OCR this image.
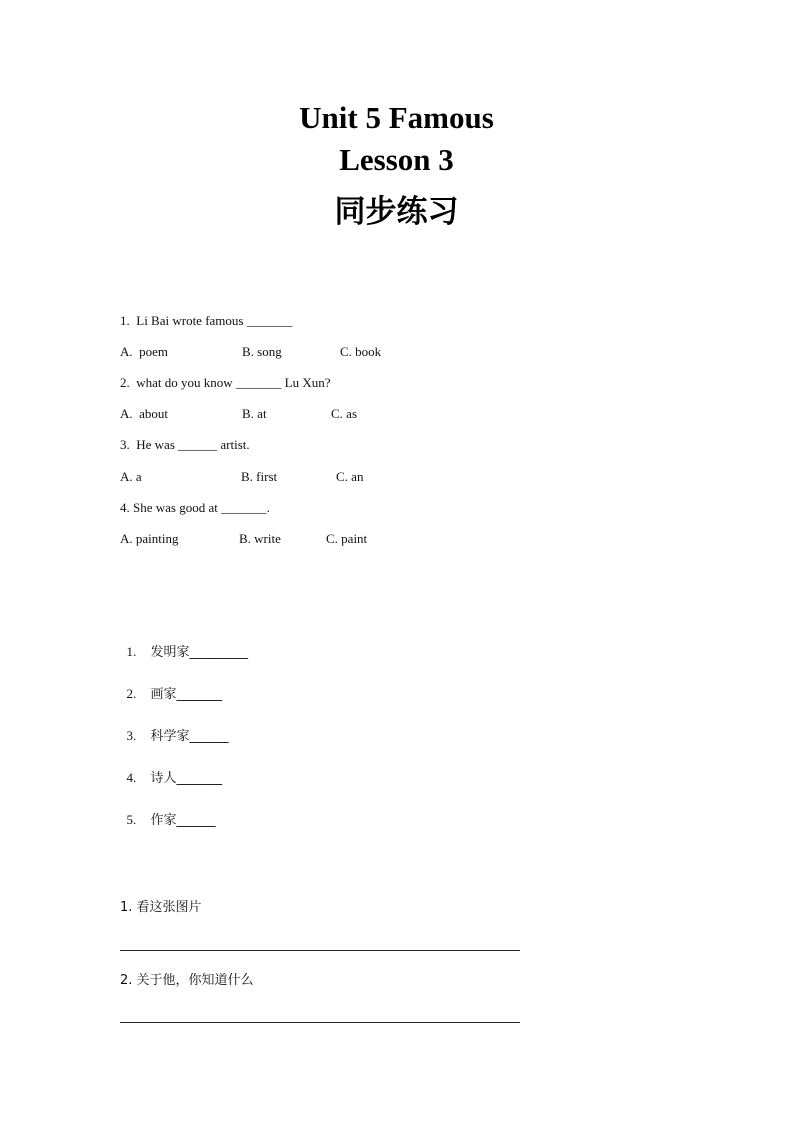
Unit 5 Famous
Lesson 3
同步练习
1.  Li Bai wrote famous _______
A.  poem	B. song	C. book
2.  what do you know _______ Lu Xun?
A.  about	B. at	C. as
3.  He was ______ artist.
A. a	B. first	C. an
4. She was good at _______.
A. painting	B. write	C. paint

1. 发明家_________

2. 画家_______

3. 科学家______

4. 诗人_______

5. 作家______

1. 看这张图片
2. 关于他，你知道什么
